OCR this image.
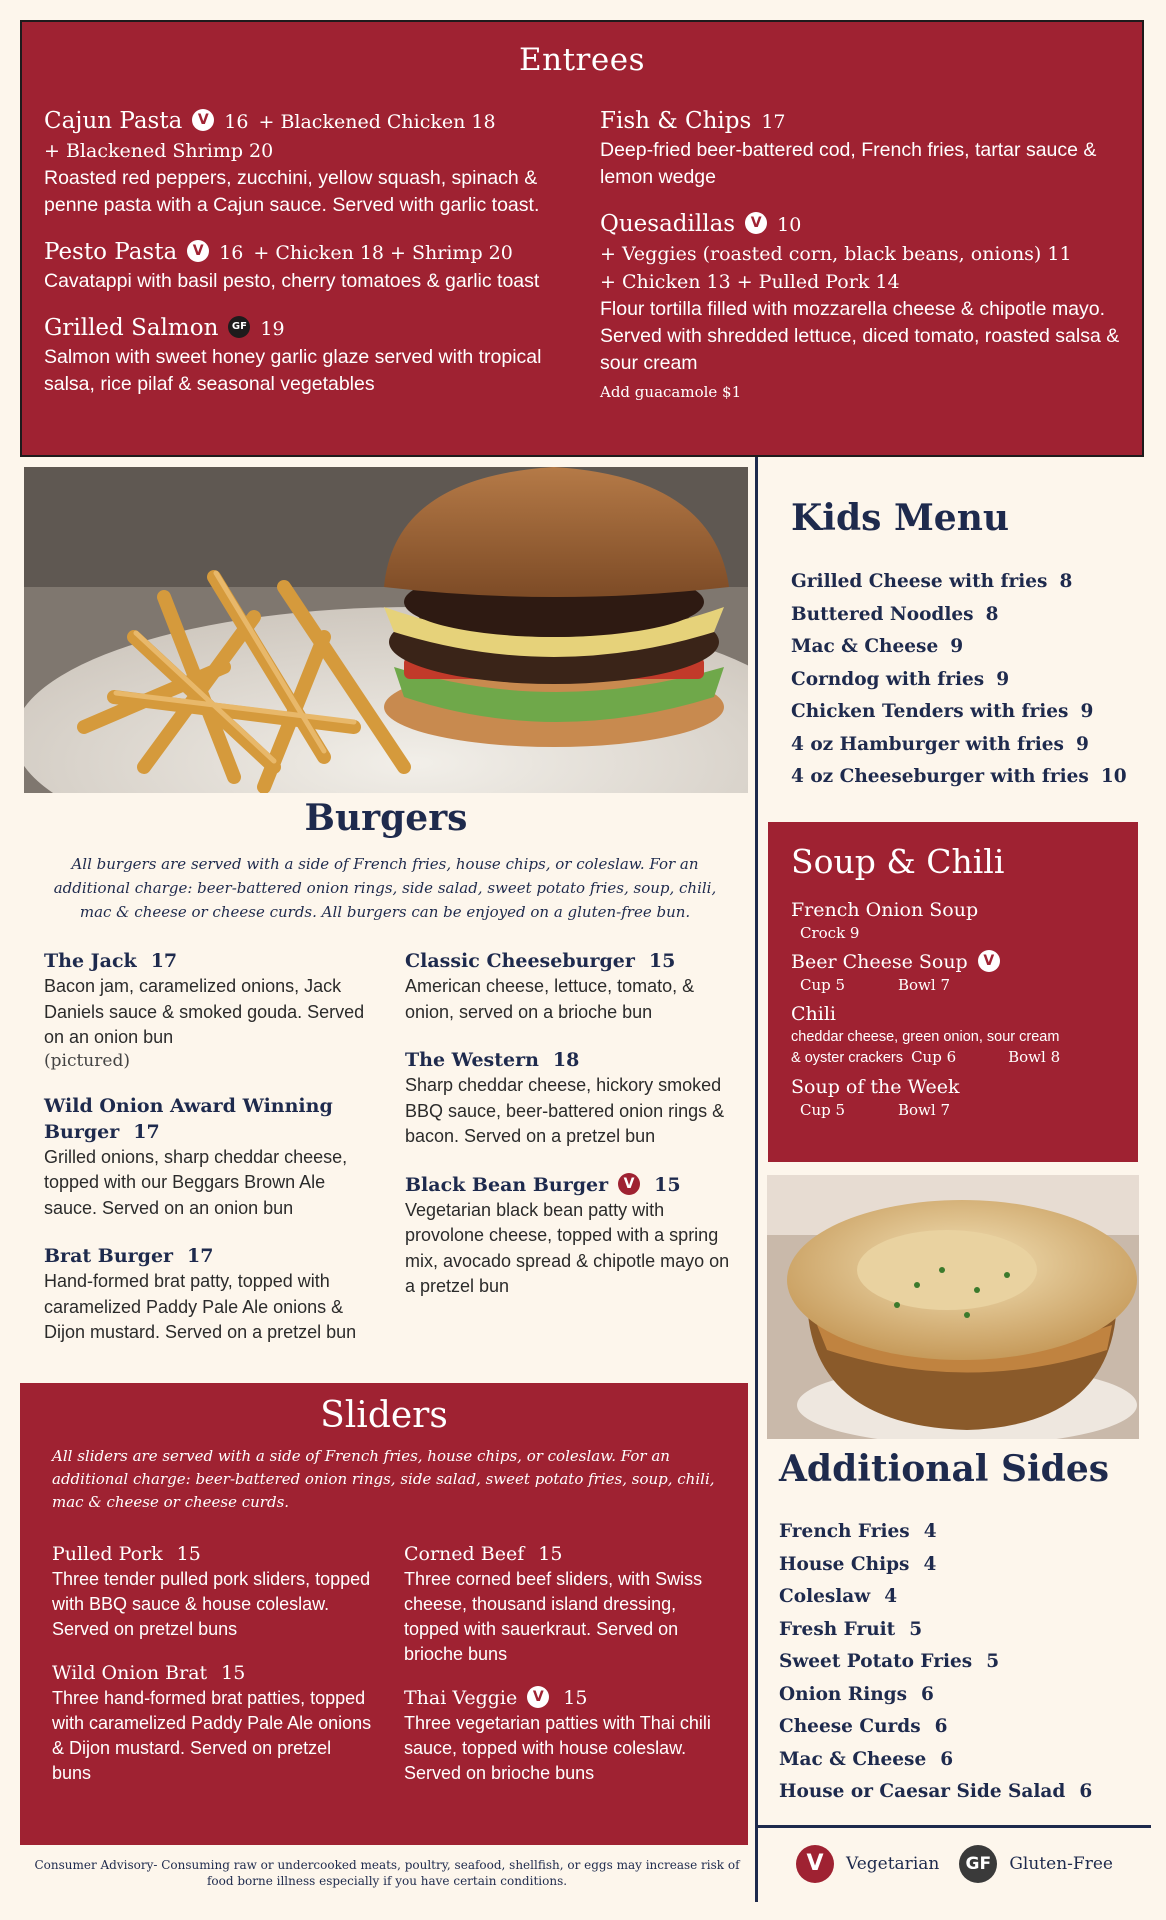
Entrees
Cajun Pasta V 16 + Blackened Chicken 18
+ Blackened Shrimp 20
Roasted red peppers, zucchini, yellow squash, spinach & penne pasta with a Cajun sauce. Served with garlic toast.
Pesto Pasta V 16 + Chicken 18 + Shrimp 20
Cavatappi with basil pesto, cherry tomatoes & garlic toast
Grilled Salmon GF 19
Salmon with sweet honey garlic glaze served with tropical salsa, rice pilaf & seasonal vegetables
Fish & Chips 17
Deep-fried beer-battered cod, French fries, tartar sauce & lemon wedge
Quesadillas V 10
+ Veggies (roasted corn, black beans, onions) 11
+ Chicken 13 + Pulled Pork 14
Flour tortilla filled with mozzarella cheese & chipotle mayo. Served with shredded lettuce, diced tomato, roasted salsa & sour cream
Add guacamole $1
Burgers

All burgers are served with a side of French fries, house chips, or coleslaw. For an additional charge: beer-battered onion rings, side salad, sweet potato fries, soup, chili, mac & cheese or cheese curds. All burgers can be enjoyed on a gluten-free bun.

The Jack 17
Bacon jam, caramelized onions, Jack Daniels sauce & smoked gouda. Served on an onion bun
(pictured)
Wild Onion Award Winning Burger 17
Grilled onions, sharp cheddar cheese, topped with our Beggars Brown Ale sauce. Served on an onion bun
Brat Burger 17
Hand-formed brat patty, topped with caramelized Paddy Pale Ale onions & Dijon mustard. Served on a pretzel bun
Classic Cheeseburger 15
American cheese, lettuce, tomato, & onion, served on a brioche bun
The Western 18
Sharp cheddar cheese, hickory smoked BBQ sauce, beer-battered onion rings & bacon. Served on a pretzel bun
Black Bean Burger V 15
Vegetarian black bean patty with provolone cheese, topped with a spring mix, avocado spread & chipotle mayo on a pretzel bun
Sliders

All sliders are served with a side of French fries, house chips, or coleslaw. For an additional charge: beer-battered onion rings, side salad, sweet potato fries, soup, chili, mac & cheese or cheese curds.

Pulled Pork 15
Three tender pulled pork sliders, topped with BBQ sauce & house coleslaw. Served on pretzel buns
Wild Onion Brat 15
Three hand-formed brat patties, topped with caramelized Paddy Pale Ale onions & Dijon mustard. Served on pretzel buns
Corned Beef 15
Three corned beef sliders, with Swiss cheese, thousand island dressing, topped with sauerkraut. Served on brioche buns
Thai Veggie V 15
Three vegetarian patties with Thai chili sauce, topped with house coleslaw. Served on brioche buns

Consumer Advisory- Consuming raw or undercooked meats, poultry, seafood, shellfish, or eggs may increase risk of food borne illness especially if you have certain conditions.

Kids Menu
Grilled Cheese with fries 8
Buttered Noodles 8
Mac & Cheese 9
Corndog with fries 9
Chicken Tenders with fries 9
4 oz Hamburger with fries 9
4 oz Cheeseburger with fries 10
Soup & Chili
French Onion Soup
Crock 9
Beer Cheese Soup V
Cup 5	Bowl 7
Chili
cheddar cheese, green onion, sour cream
& oyster crackers Cup 6	Bowl 8
Soup of the Week
Cup 5	Bowl 7
Additional Sides
French Fries 4
House Chips 4
Coleslaw 4
Fresh Fruit 5
Sweet Potato Fries 5
Onion Rings 6
Cheese Curds 6
Mac & Cheese 6
House or Caesar Side Salad 6
V	Vegetarian	GF	Gluten-Free
